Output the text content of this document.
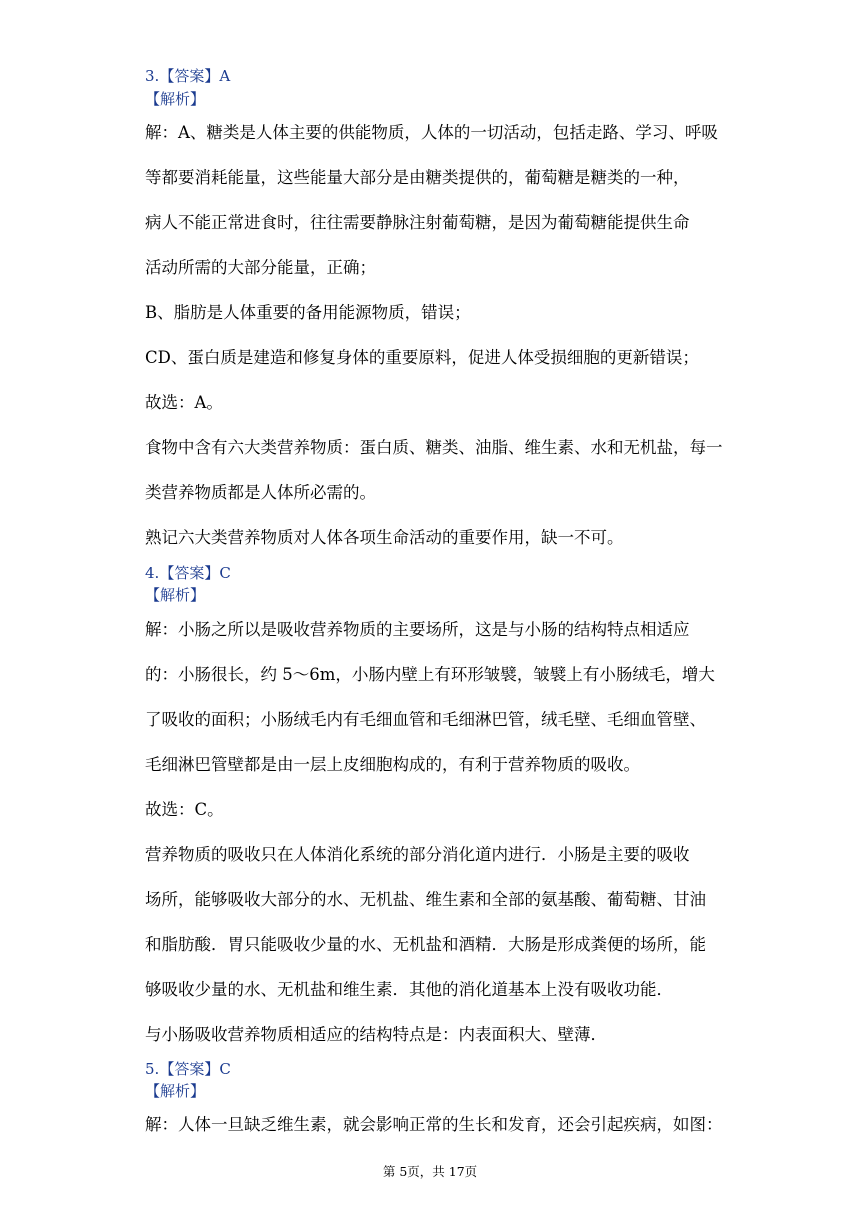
3.【答案】A
【解析】
解：A、糖类是人体主要的供能物质，人体的一切活动，包括走路、学习、呼吸
等都要消耗能量，这些能量大部分是由糖类提供的，葡萄糖是糖类的一种，
病人不能正常进食时，往往需要静脉注射葡萄糖，是因为葡萄糖能提供生命
活动所需的大部分能量，正确；
B、脂肪是人体重要的备用能源物质，错误；
CD、蛋白质是建造和修复身体的重要原料，促进人体受损细胞的更新错误；
故选：A。
食物中含有六大类营养物质：蛋白质、糖类、油脂、维生素、水和无机盐，每一
类营养物质都是人体所必需的。
熟记六大类营养物质对人体各项生命活动的重要作用，缺一不可。
4.【答案】C
【解析】
解：小肠之所以是吸收营养物质的主要场所，这是与小肠的结构特点相适应
的：小肠很长，约 5～6m，小肠内壁上有环形皱襞，皱襞上有小肠绒毛，增大
了吸收的面积；小肠绒毛内有毛细血管和毛细淋巴管，绒毛壁、毛细血管壁、
毛细淋巴管壁都是由一层上皮细胞构成的，有利于营养物质的吸收。
故选：C。
营养物质的吸收只在人体消化系统的部分消化道内进行．小肠是主要的吸收
场所，能够吸收大部分的水、无机盐、维生素和全部的氨基酸、葡萄糖、甘油
和脂肪酸．胃只能吸收少量的水、无机盐和酒精．大肠是形成粪便的场所，能
够吸收少量的水、无机盐和维生素．其他的消化道基本上没有吸收功能．
与小肠吸收营养物质相适应的结构特点是：内表面积大、壁薄．
5.【答案】C
【解析】
解：人体一旦缺乏维生素，就会影响正常的生长和发育，还会引起疾病，如图：
第 5页，共 17页
